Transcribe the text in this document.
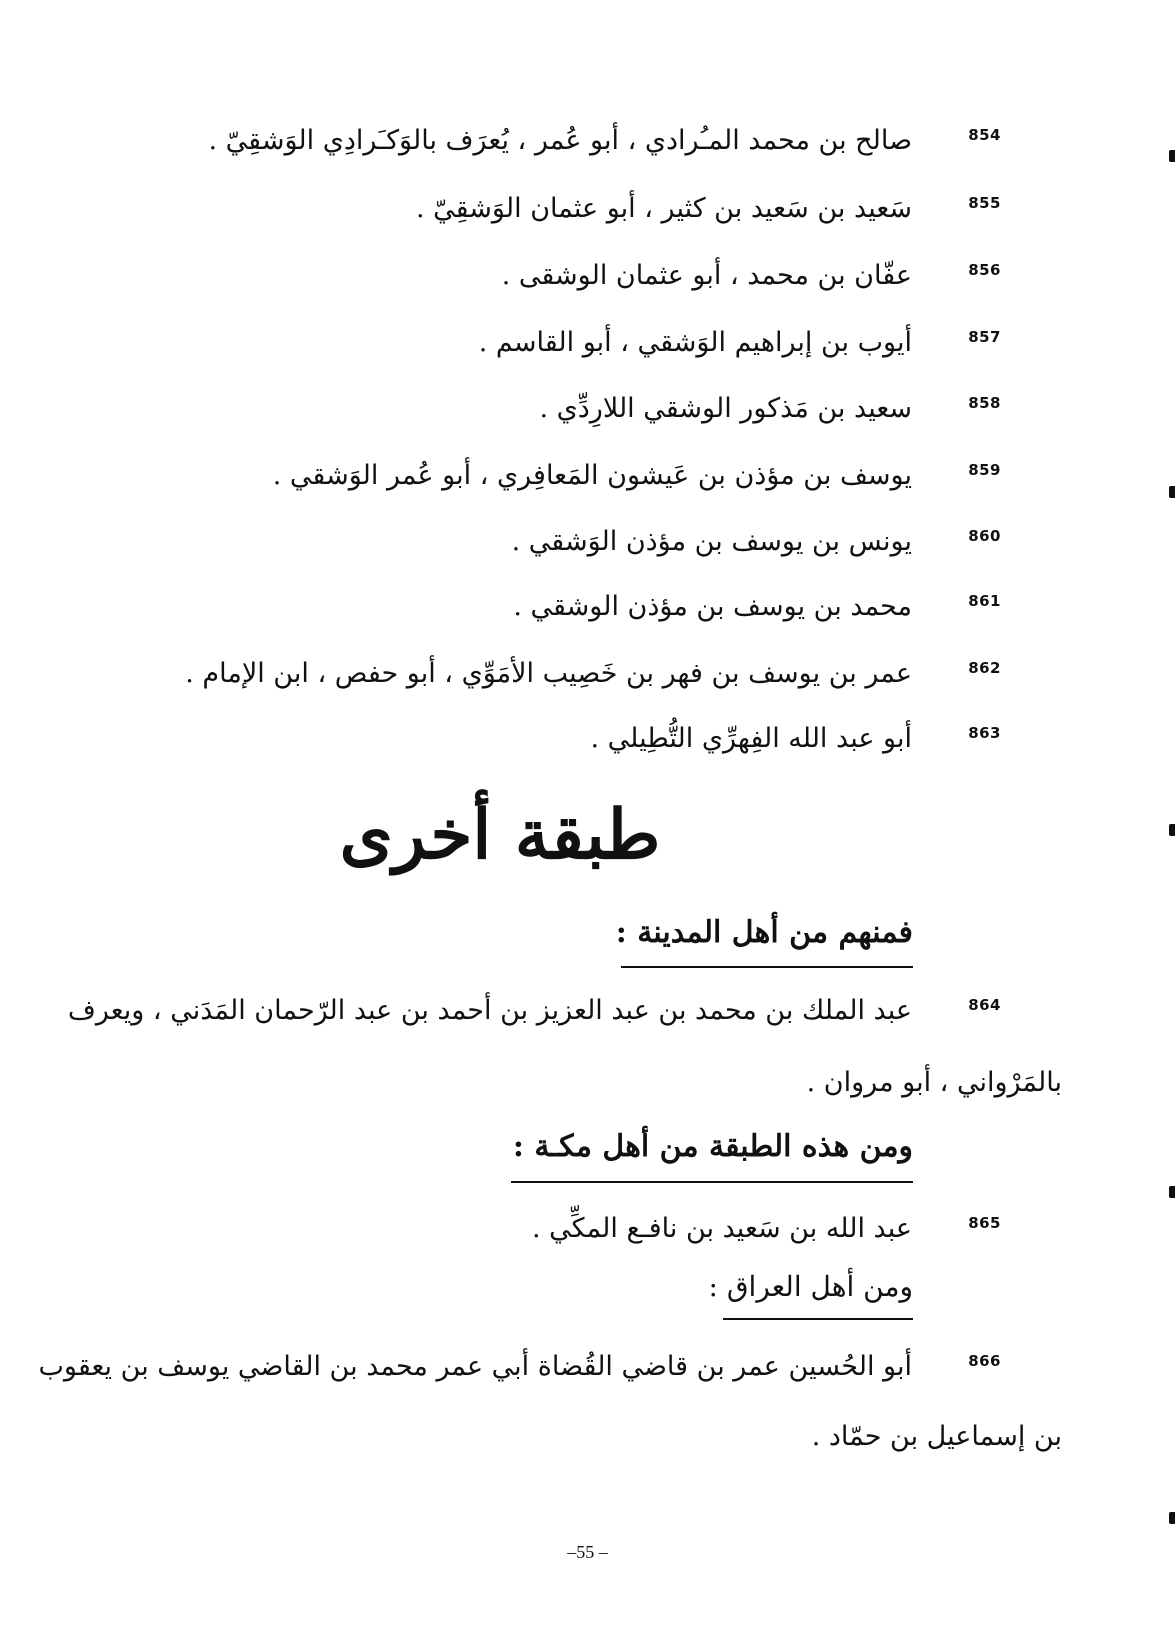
854
صالح بن محمد المـُرادي ، أبو عُمر ، يُعرَف بالوَكـَرادِي الوَشقِيّ .
855
سَعيد بن سَعيد بن كثير ، أبو عثمان الوَشقِيّ .
856
عفّان بن محمد ، أبو عثمان الوشقى .
857
أيوب بن إبراهيم الوَشقي ، أبو القاسم .
858
سعيد بن مَذكور الوشقي اللارِدِّي .
859
يوسف بن مؤذن بن عَيشون المَعافِري ، أبو عُمر الوَشقي .
860
يونس بن يوسف بن مؤذن الوَشقي .
861
محمد بن يوسف بن مؤذن الوشقي .
862
عمر بن يوسف بن فهر بن خَصِيب الأمَوِّي ، أبو حفص ، ابن الإمام .
863
أبو عبد الله الفِهرِّي التُّطِيلي .
طبقة أخرى
فمنهم من أهل المدينة :
864
عبد الملك بن محمد بن عبد العزيز بن أحمد بن عبد الرّحمان المَدَني ، ويعرف
بالمَرْواني ، أبو مروان .
ومن هذه الطبقة من أهل مكـة :
865
عبد الله بن سَعيد بن نافـع المكِّي .
ومن أهل العراق :
866
أبو الحُسين عمر بن قاضي القُضاة أبي عمر محمد بن القاضي يوسف بن يعقوب
بن إسماعيل بن حمّاد .
–55 –
